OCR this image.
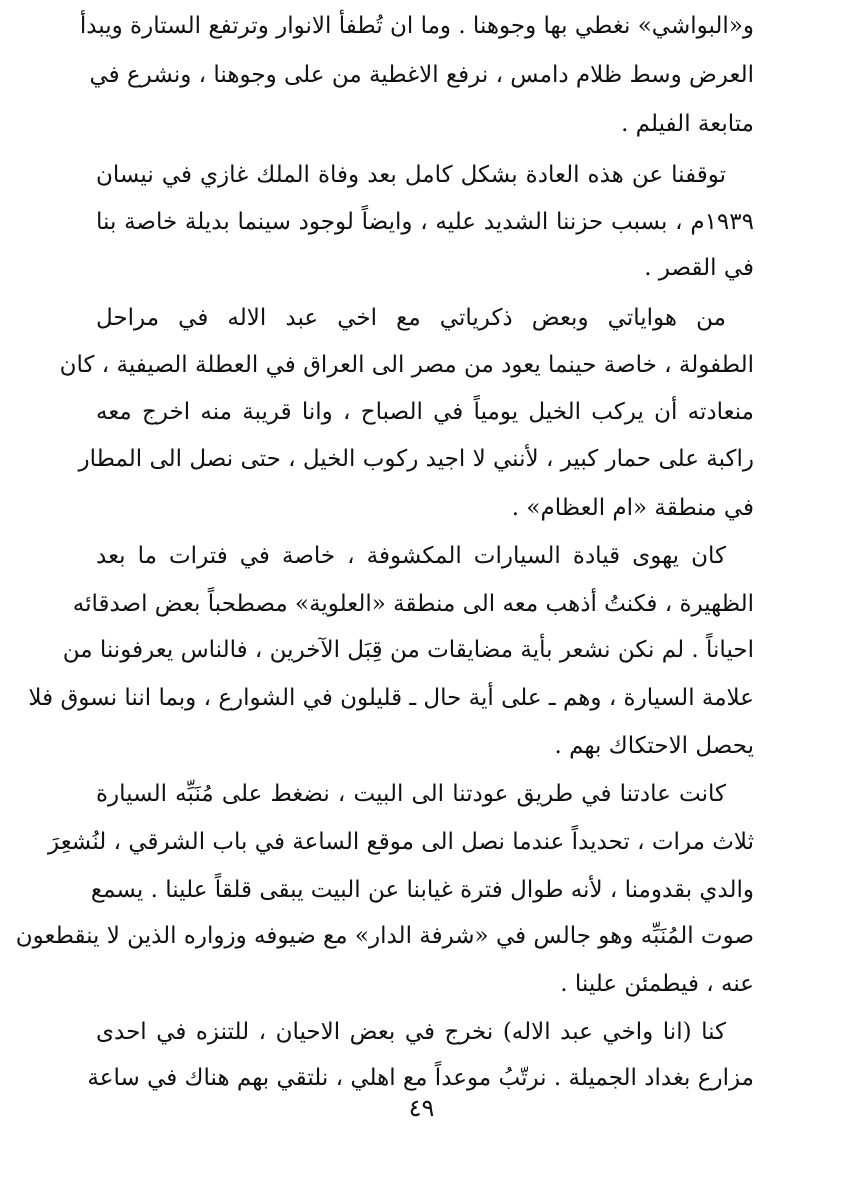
و«البواشي» نغطي بها وجوهنا . وما ان تُطفأ الانوار وترتفع الستارة ويبدأ
العرض وسط ظلام دامس ، نرفع الاغطية من على وجوهنا ، ونشرع في
متابعة الفيلم .
توقفنا عن هذه العادة بشكل كامل بعد وفاة الملك غازي في نيسان
١٩٣٩م ، بسبب حزننا الشديد عليه ، وايضاً لوجود سينما بديلة خاصة بنا
في القصر .
من هواياتي وبعض ذكرياتي مع اخي عبد الاله في مراحل
الطفولة ، خاصة حينما يعود من مصر الى العراق في العطلة الصيفية ، كان
منعادته أن يركب الخيل يومياً في الصباح ، وانا قريبة منه اخرج معه
راكبة على حمار كبير ، لأنني لا اجيد ركوب الخيل ، حتى نصل الى المطار
في منطقة «ام العظام» .
كان يهوى قيادة السيارات المكشوفة ، خاصة في فترات ما بعد
الظهيرة ، فكنتُ أذهب معه الى منطقة «العلوية» مصطحباً بعض اصدقائه
احياناً . لم نكن نشعر بأية مضايقات من قِبَل الآخرين ، فالناس يعرفوننا من
علامة السيارة ، وهم ـ على أية حال ـ قليلون في الشوارع ، وبما اننا نسوق فلا
يحصل الاحتكاك بهم .
كانت عادتنا في طريق عودتنا الى البيت ، نضغط على مُنَبِّه السيارة
ثلاث مرات ، تحديداً عندما نصل الى موقع الساعة في باب الشرقي ، لنُشعِرَ
والدي بقدومنا ، لأنه طوال فترة غيابنا عن البيت يبقى قلقاً علينا . يسمع
صوت المُنَبِّه وهو جالس في «شرفة الدار» مع ضيوفه وزواره الذين لا ينقطعون
عنه ، فيطمئن علينا .
كنا (انا واخي عبد الاله) نخرج في بعض الاحيان ، للتنزه في احدى
مزارع بغداد الجميلة . نرتّبُ موعداً مع اهلي ، نلتقي بهم هناك في ساعة
٤٩
